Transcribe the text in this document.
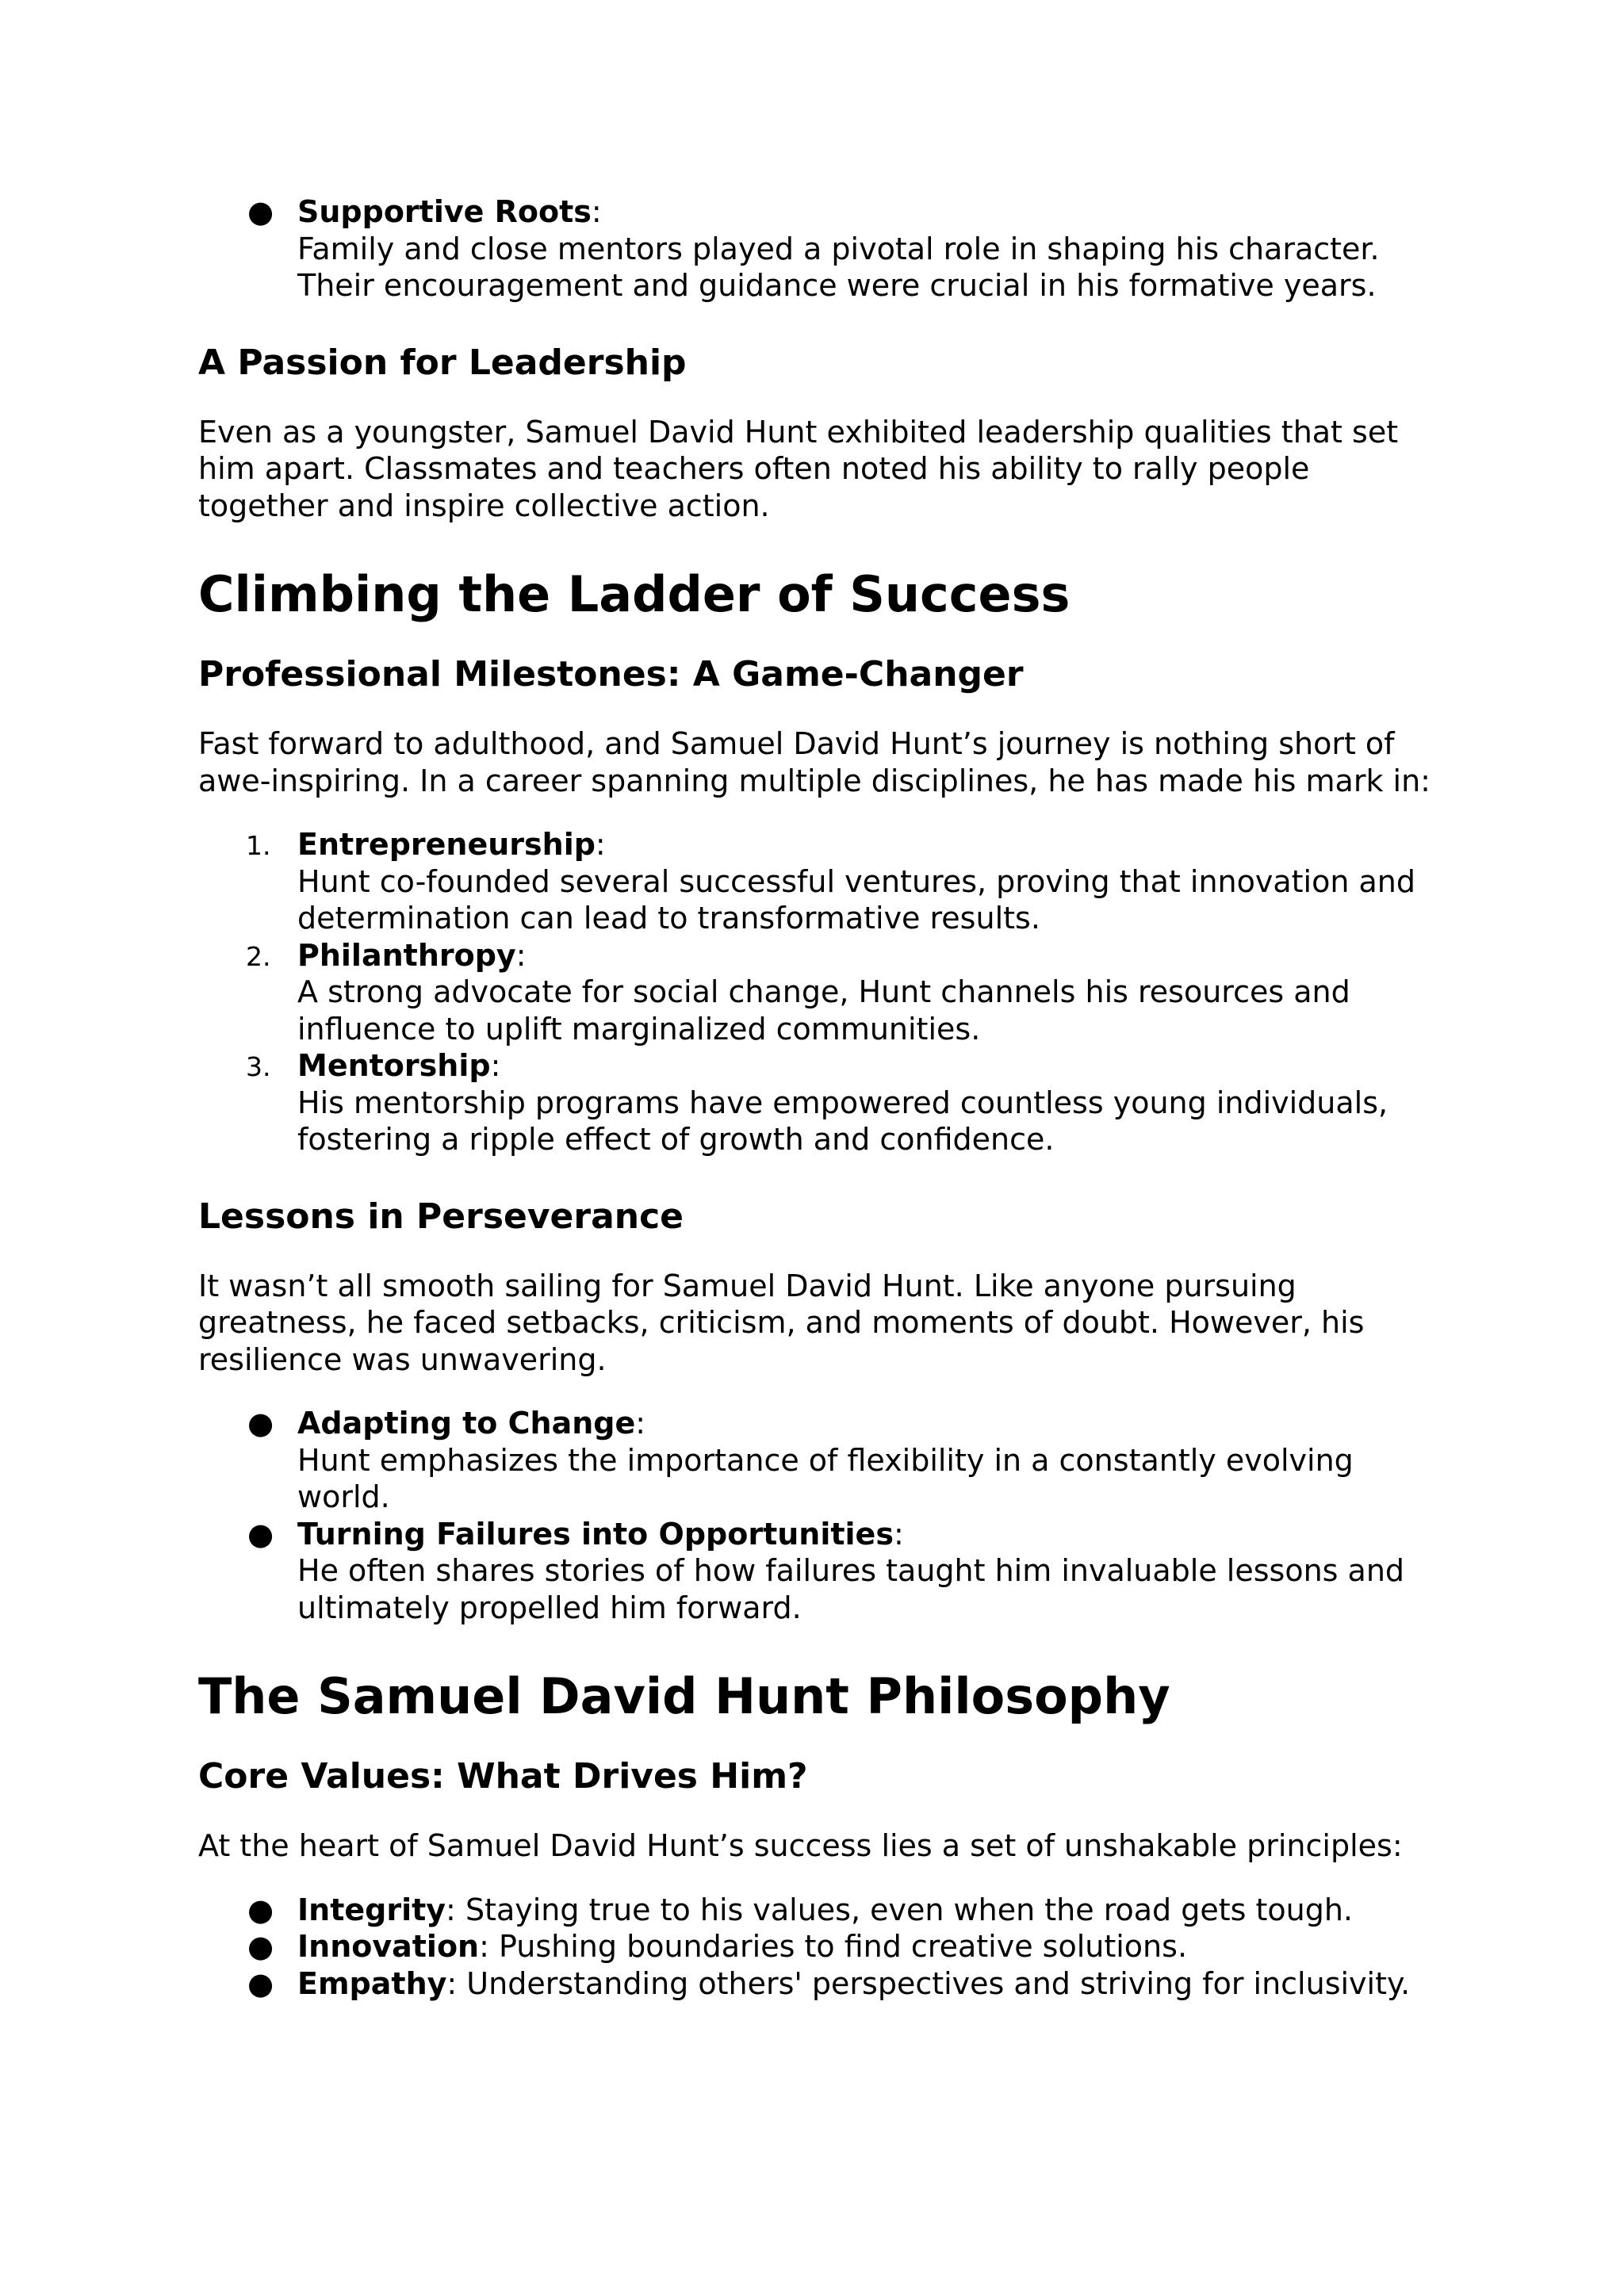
● Supportive Roots:
Family and close mentors played a pivotal role in shaping his character. Their encouragement and guidance were crucial in his formative years.
A Passion for Leadership

Even as a youngster, Samuel David Hunt exhibited leadership qualities that set him apart. Classmates and teachers often noted his ability to rally people together and inspire collective action.

Climbing the Ladder of Success
Professional Milestones: A Game-Changer

Fast forward to adulthood, and Samuel David Hunt’s journey is nothing short of awe-inspiring. In a career spanning multiple disciplines, he has made his mark in:

1. Entrepreneurship:
Hunt co-founded several successful ventures, proving that innovation and determination can lead to transformative results.
2. Philanthropy:
A strong advocate for social change, Hunt channels his resources and influence to uplift marginalized communities.
3. Mentorship:
His mentorship programs have empowered countless young individuals, fostering a ripple effect of growth and confidence.
Lessons in Perseverance

It wasn’t all smooth sailing for Samuel David Hunt. Like anyone pursuing greatness, he faced setbacks, criticism, and moments of doubt. However, his resilience was unwavering.

● Adapting to Change:
Hunt emphasizes the importance of flexibility in a constantly evolving world.
● Turning Failures into Opportunities:
He often shares stories of how failures taught him invaluable lessons and ultimately propelled him forward.
The Samuel David Hunt Philosophy
Core Values: What Drives Him?

At the heart of Samuel David Hunt’s success lies a set of unshakable principles:

● Integrity: Staying true to his values, even when the road gets tough.
● Innovation: Pushing boundaries to find creative solutions.
● Empathy: Understanding others' perspectives and striving for inclusivity.
